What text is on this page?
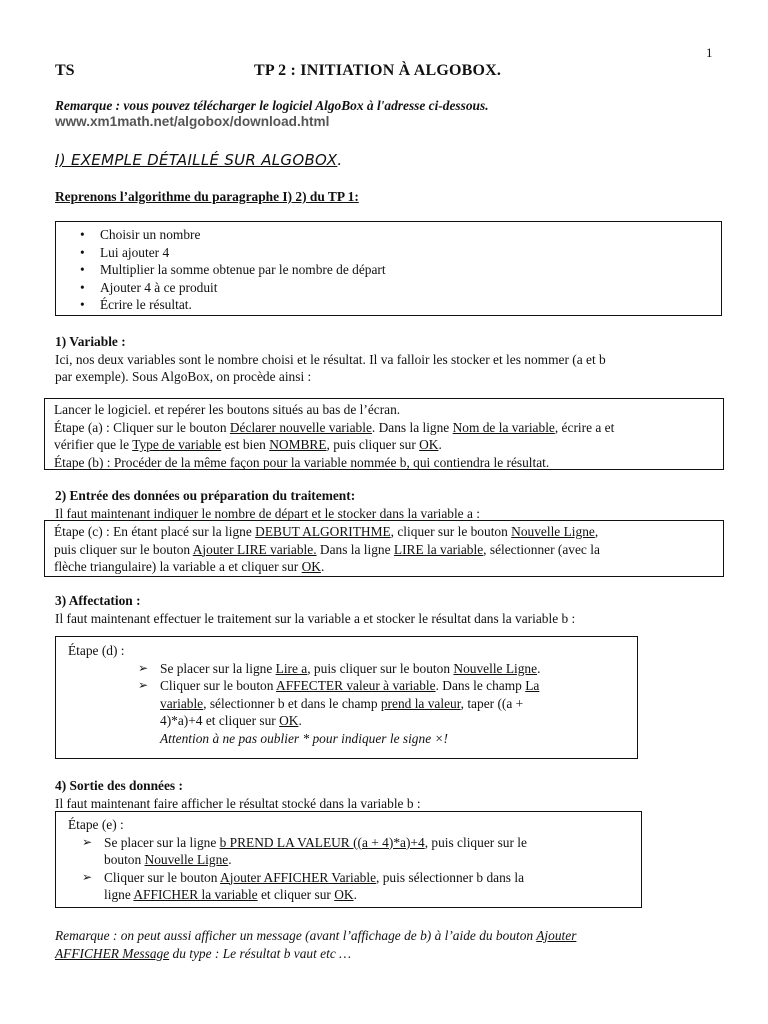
1
TS	TP 2 : INITIATION À ALGOBOX.
Remarque : vous pouvez télécharger le logiciel AlgoBox à l'adresse ci-dessous.
www.xm1math.net/algobox/download.html
I) EXEMPLE DÉTAILLÉ SUR ALGOBOX.
Reprenons l’algorithme du paragraphe I) 2) du TP 1:
• Choisir un nombre
• Lui ajouter 4
• Multiplier la somme obtenue par le nombre de départ
• Ajouter 4 à ce produit
• Écrire le résultat.
1) Variable :
Ici, nos deux variables sont le nombre choisi et le résultat. Il va falloir les stocker et les nommer (a et b
par exemple). Sous AlgoBox, on procède ainsi :
Lancer le logiciel. et repérer les boutons situés au bas de l’écran.
Étape (a) : Cliquer sur le bouton Déclarer nouvelle variable. Dans la ligne Nom de la variable, écrire a et
vérifier que le Type de variable est bien NOMBRE, puis cliquer sur OK.
Étape (b) : Procéder de la même façon pour la variable nommée b, qui contiendra le résultat.
2) Entrée des données ou préparation du traitement:
Il faut maintenant indiquer le nombre de départ et le stocker dans la variable a :
Étape (c) : En étant placé sur la ligne DEBUT ALGORITHME, cliquer sur le bouton Nouvelle Ligne,
puis cliquer sur le bouton Ajouter LIRE variable. Dans la ligne LIRE la variable, sélectionner (avec la
flèche triangulaire) la variable a et cliquer sur OK.
3) Affectation :
Il faut maintenant effectuer le traitement sur la variable a et stocker le résultat dans la variable b :
Étape (d) :
➢ Se placer sur la ligne Lire a, puis cliquer sur le bouton Nouvelle Ligne.
➢ Cliquer sur le bouton AFFECTER valeur à variable. Dans le champ La
variable, sélectionner b et dans le champ prend la valeur, taper ((a +
4)*a)+4 et cliquer sur OK.
Attention à ne pas oublier * pour indiquer le signe ×!
4) Sortie des données :
Il faut maintenant faire afficher le résultat stocké dans la variable b :
Étape (e) :
➢ Se placer sur la ligne b PREND LA VALEUR ((a + 4)*a)+4, puis cliquer sur le
bouton Nouvelle Ligne.
➢ Cliquer sur le bouton Ajouter AFFICHER Variable, puis sélectionner b dans la
ligne AFFICHER la variable et cliquer sur OK.
Remarque : on peut aussi afficher un message (avant l’affichage de b) à l’aide du bouton Ajouter
AFFICHER Message du type : Le résultat b vaut etc …
